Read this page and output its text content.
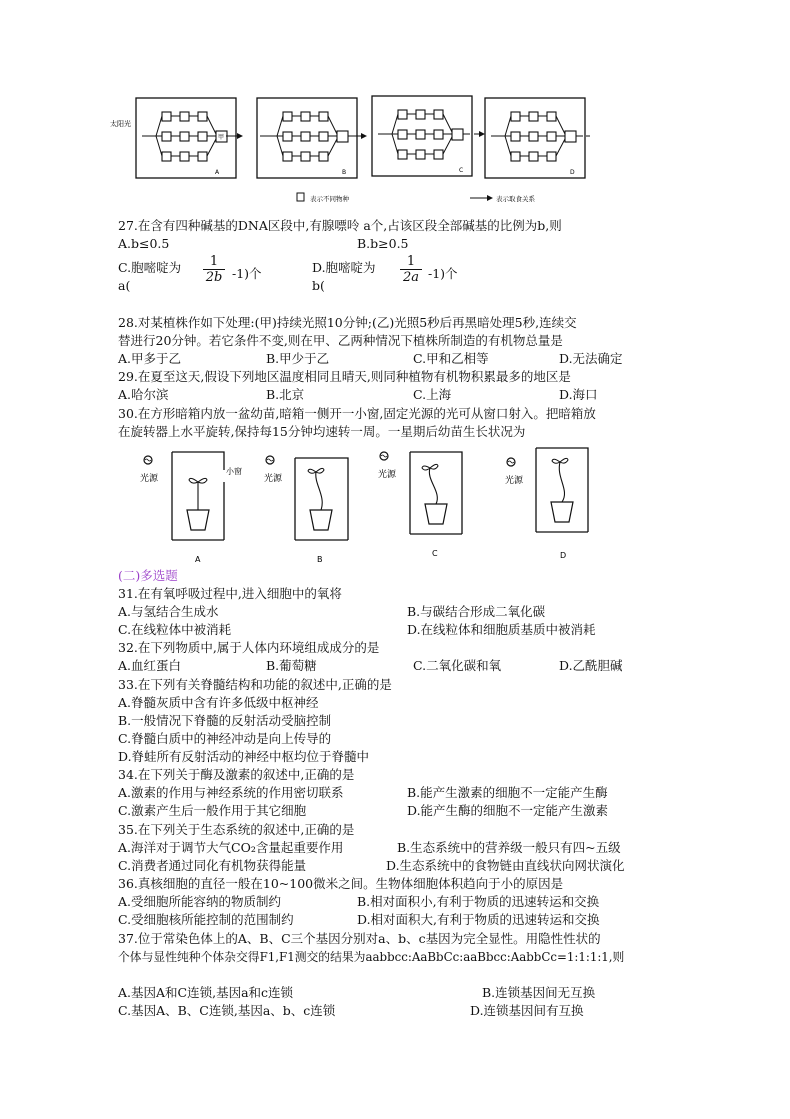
太阳光
甲
A	B	C	D
表示不同物种	表示取食关系
27.在含有四种碱基的DNA区段中,有腺嘌呤 a个,占该区段全部碱基的比例为b,则
A.b≤0.5	B.b≥0.5
C.胞嘧啶为
a(
$\frac{1}{2b} -1$)个	D.胞嘧啶为
b(
$\frac{1}{2a} -1$)个
28.对某植株作如下处理:(甲)持续光照10分钟;(乙)光照5秒后再黑暗处理5秒,连续交
替进行20分钟。若它条件不变,则在甲、乙两种情况下植株所制造的有机物总量是
A.甲多于乙	B.甲少于乙	C.甲和乙相等	D.无法确定
29.在夏至这天,假设下列地区温度相同且晴天,则同种植物有机物积累最多的地区是
A.哈尔滨	B.北京	C.上海	D.海口
30.在方形暗箱内放一盆幼苗,暗箱一侧开一小窗,固定光源的光可从窗口射入。把暗箱放
在旋转器上水平旋转,保持每15分钟均速转一周。一星期后幼苗生长状况为
光源
小窗
A
光源
B
光源
C
光源
D
(二)多选题
31.在有氧呼吸过程中,进入细胞中的氧将
A.与氢结合生成水	B.与碳结合形成二氧化碳
C.在线粒体中被消耗	D.在线粒体和细胞质基质中被消耗
32.在下列物质中,属于人体内环境组成成分的是
A.血红蛋白	B.葡萄糖	C.二氧化碳和氧	D.乙酰胆碱
33.在下列有关脊髓结构和功能的叙述中,正确的是
A.脊髓灰质中含有许多低级中枢神经
B.一般情况下脊髓的反射活动受脑控制
C.脊髓白质中的神经冲动是向上传导的
D.脊蛙所有反射活动的神经中枢均位于脊髓中
34.在下列关于酶及激素的叙述中,正确的是
A.激素的作用与神经系统的作用密切联系	B.能产生激素的细胞不一定能产生酶
C.激素产生后一般作用于其它细胞	D.能产生酶的细胞不一定能产生激素
35.在下列关于生态系统的叙述中,正确的是
A.海洋对于调节大气CO₂含量起重要作用	B.生态系统中的营养级一般只有四~五级
C.消费者通过同化有机物获得能量	D.生态系统中的食物链由直线状向网状演化
36.真核细胞的直径一般在10~100微米之间。生物体细胞体积趋向于小的原因是
A.受细胞所能容纳的物质制约	B.相对面积小,有利于物质的迅速转运和交换
C.受细胞核所能控制的范围制约	D.相对面积大,有利于物质的迅速转运和交换
37.位于常染色体上的A、B、C三个基因分别对a、b、c基因为完全显性。用隐性性状的
个体与显性纯种个体杂交得F1,F1测交的结果为aabbcc:AaBbCc:aaBbcc:AabbCc=1:1:1:1,则
A.基因A和C连锁,基因a和c连锁	B.连锁基因间无互换
C.基因A、B、C连锁,基因a、b、c连锁	D.连锁基因间有互换
